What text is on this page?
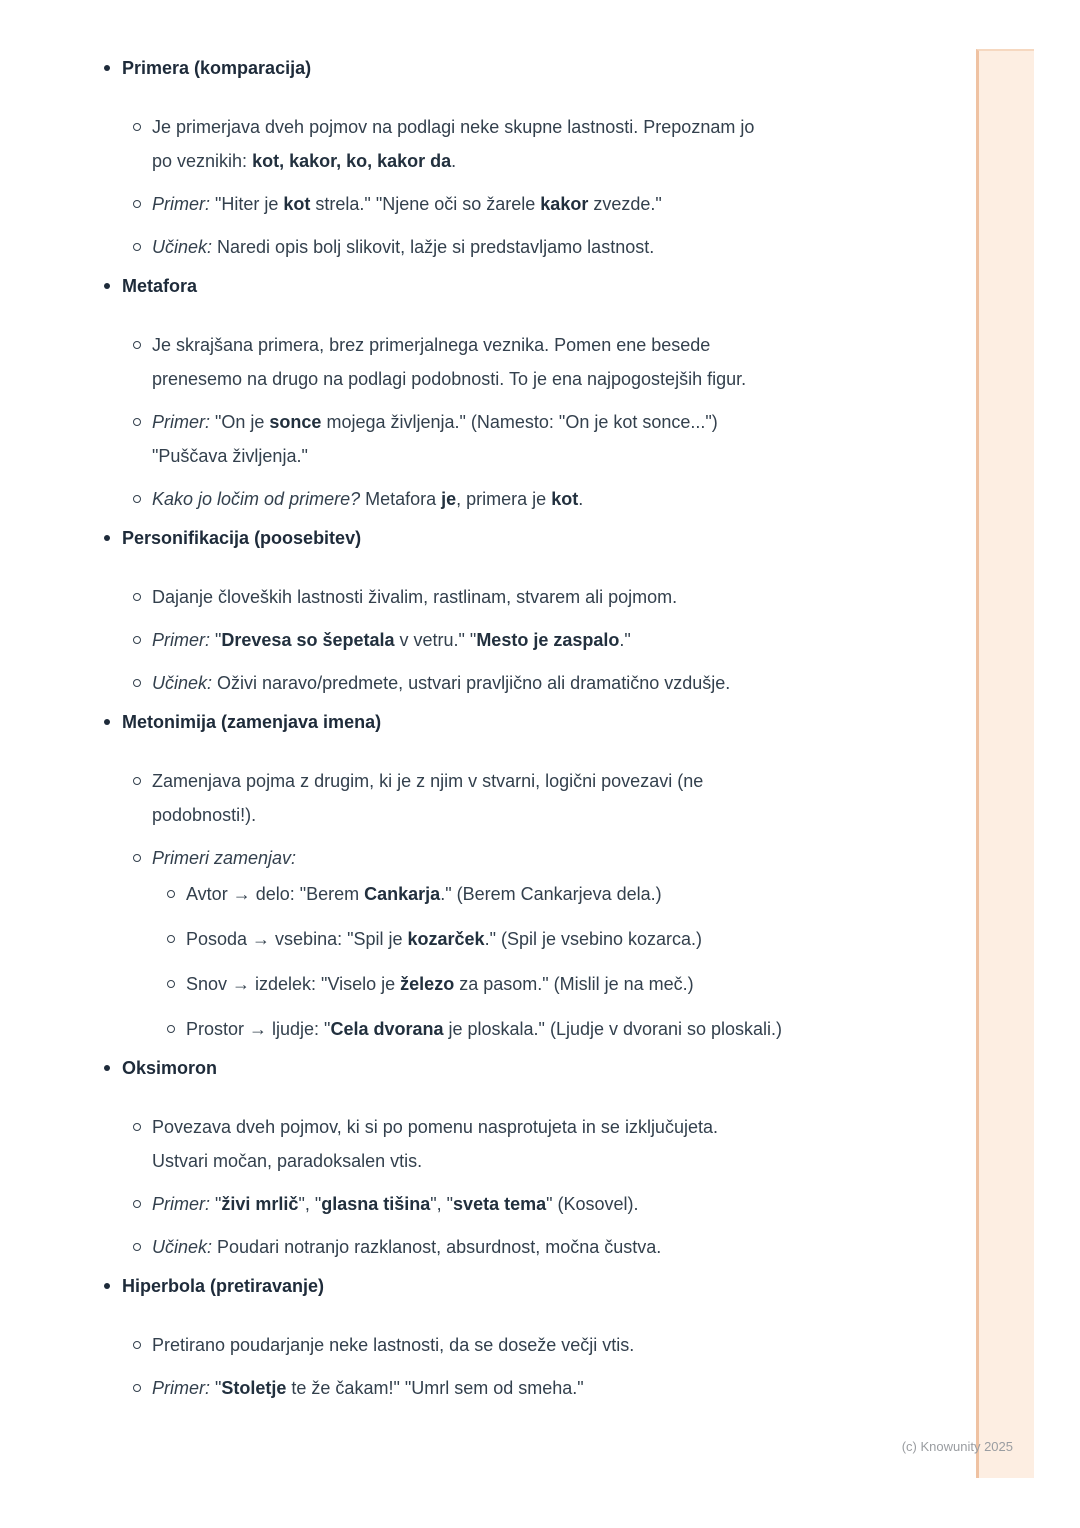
Primera (komparacija)
Je primerjava dveh pojmov na podlagi neke skupne lastnosti. Prepoznam jo
po veznikih: kot, kakor, ko, kakor da.
Primer: "Hiter je kot strela." "Njene oči so žarele kakor zvezde."
Učinek: Naredi opis bolj slikovit, lažje si predstavljamo lastnost.
Metafora
Je skrajšana primera, brez primerjalnega veznika. Pomen ene besede
prenesemo na drugo na podlagi podobnosti. To je ena najpogostejših figur.
Primer: "On je sonce mojega življenja." (Namesto: "On je kot sonce...")
"Puščava življenja."
Kako jo ločim od primere? Metafora je, primera je kot.
Personifikacija (poosebitev)
Dajanje človeških lastnosti živalim, rastlinam, stvarem ali pojmom.
Primer: "Drevesa so šepetala v vetru." "Mesto je zaspalo."
Učinek: Oživi naravo/predmete, ustvari pravljično ali dramatično vzdušje.
Metonimija (zamenjava imena)
Zamenjava pojma z drugim, ki je z njim v stvarni, logični povezavi (ne
podobnosti!).
Primeri zamenjav:
Avtor → delo: "Berem Cankarja." (Berem Cankarjeva dela.)
Posoda → vsebina: "Spil je kozarček." (Spil je vsebino kozarca.)
Snov → izdelek: "Viselo je železo za pasom." (Mislil je na meč.)
Prostor → ljudje: "Cela dvorana je ploskala." (Ljudje v dvorani so ploskali.)
Oksimoron
Povezava dveh pojmov, ki si po pomenu nasprotujeta in se izključujeta.
Ustvari močan, paradoksalen vtis.
Primer: "živi mrlič", "glasna tišina", "sveta tema" (Kosovel).
Učinek: Poudari notranjo razklanost, absurdnost, močna čustva.
Hiperbola (pretiravanje)
Pretirano poudarjanje neke lastnosti, da se doseže večji vtis.
Primer: "Stoletje te že čakam!" "Umrl sem od smeha."
(c) Knowunity 2025
